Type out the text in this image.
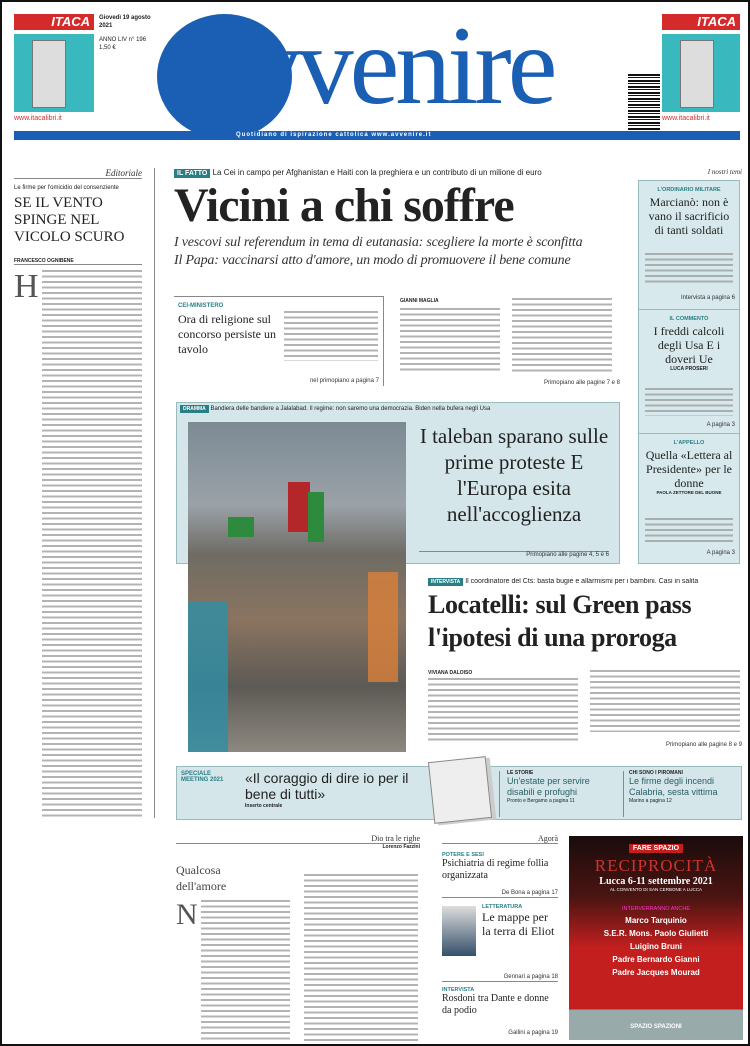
ITACA
www.itacalibri.it
Giovedì 19 agosto 2021
ANNO LIV n° 196
1,50 € Avvenire	ITACA
www.itacalibri.it
Quotidiano di ispirazione cattolica www.avvenire.it
Editoriale
Le firme per l'omicidio del consenziente
SE IL VENTO SPINGE NEL VICOLO SCURO
FRANCESCO OGNIBENE
H
IL FATTO La Cei in campo per Afghanistan e Haiti con la preghiera e un contributo di un milione di euro
Vicini a chi soffre
I vescovi sul referendum in tema di eutanasia: scegliere la morte è sconfitta
Il Papa: vaccinarsi atto d'amore, un modo di promuovere il bene comune
CEI-MINISTERO
Ora di religione sul concorso persiste un tavolo
nel primopiano a pagina 7
GIANNI MAGLIA
Primopiano alle pagine 7 e 8
I nostri temi
L'ORDINARIO MILITARE
Marcianò: non è vano il sacrificio di tanti soldati
Intervista a pagina 6
IL COMMENTO
I freddi calcoli degli Usa E i doveri Ue
LUCA PROSERI
A pagina 3
L'APPELLO
Quella «Lettera al Presidente» per le donne
PAOLA ZETTORE DEL BUONE
A pagina 3
DRAMMA Bandiera delle bandiere a Jalalabad. Il regime: non saremo una democrazia. Biden nella bufera negli Usa
I taleban sparano sulle prime proteste E l'Europa esita nell'accoglienza
Primopiano alle pagine 4, 5 e 6
INTERVISTA Il coordinatore del Cts: basta bugie e allarmismi per i bambini. Casi in salita
Locatelli: sul Green pass l'ipotesi di una proroga
VIVIANA DALOISO
Primopiano alle pagine 8 e 9
SPECIALE MEETING 2021	«Il coraggio di dire io per il bene di tutti»
Inserto centrale
LE STORIE
Un'estate per servire disabili e profughi
Pronto e Bergamo a pagina 11
CHI SONO I PIROMANI
Le firme degli incendi Calabria, sesta vittima
Marino a pagina 12
Dio tra le righe
Lorenzo Fazzini
Qualcosa dell'amore
N
Agorà
POTERE E SESI
Psichiatria di regime follia organizzata
De Bona a pagina 17
LETTERATURA
Le mappe per la terra di Eliot
Gennari a pagina 18
INTERVISTA
Rosdoni tra Dante e donne da podio
Gallini a pagina 19
FARE SPAZIO
RECIPROCITÀ
Lucca 6-11 settembre 2021
AL CONVENTO DI SAN CERBONE A LUCCA
INTERVERRANNO ANCHE
Marco Tarquinio
S.E.R. Mons. Paolo Giulietti
Luigino Bruni
Padre Bernardo Gianni
Padre Jacques Mourad
SPAZIO SPAZIONI
